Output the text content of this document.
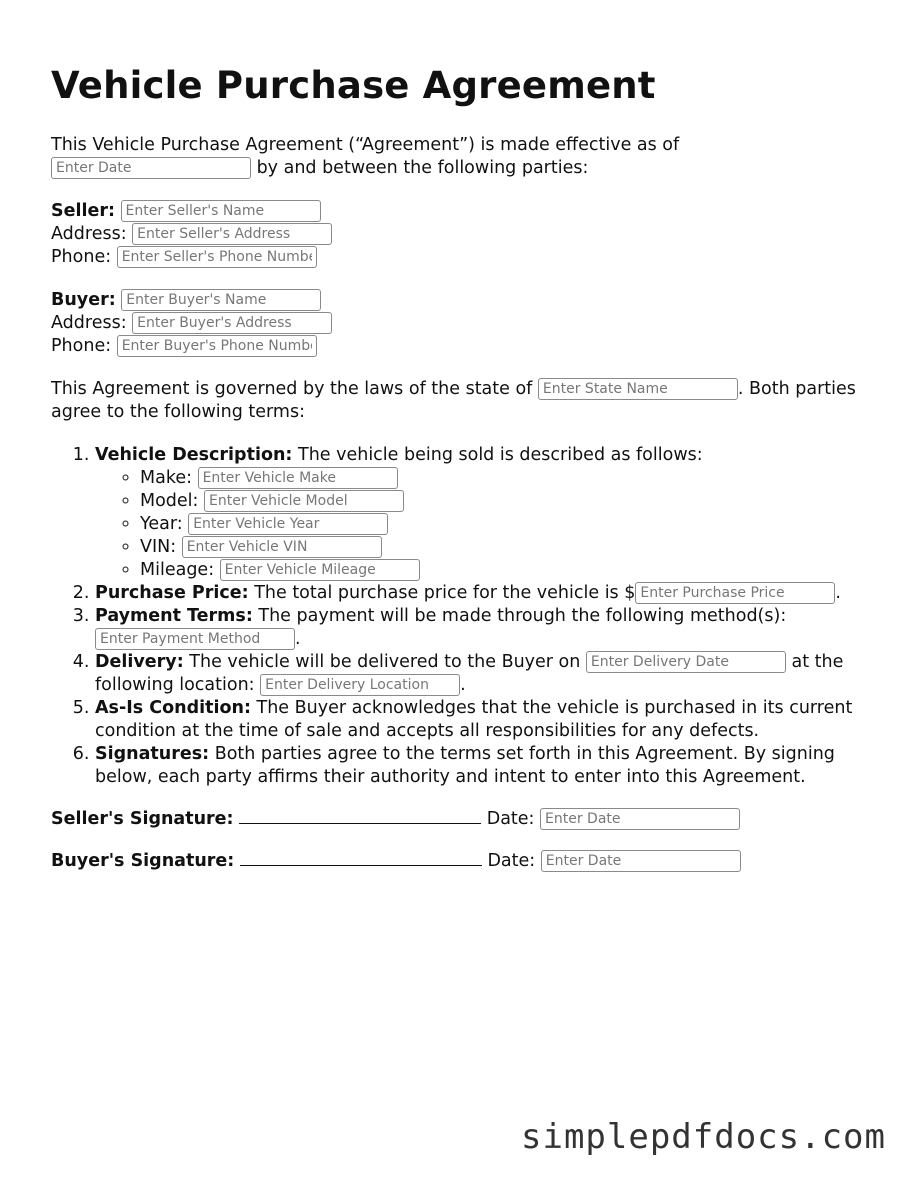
Vehicle Purchase Agreement

This Vehicle Purchase Agreement (“Agreement”) is made effective as of
Enter Date by and between the following parties:

Seller: Enter Seller's Name
Address: Enter Seller's Address
Phone: Enter Seller's Phone Number
Buyer: Enter Buyer's Name
Address: Enter Buyer's Address
Phone: Enter Buyer's Phone Number

This Agreement is governed by the laws of the state of Enter State Name	. Both parties agree to the following terms:

1. Vehicle Description: The vehicle being sold is described as follows:
◦ Make: Enter Vehicle Make
◦ Model: Enter Vehicle Model
◦ Year: Enter Vehicle Year
◦ VIN: Enter Vehicle VIN
◦ Mileage: Enter Vehicle Mileage
2. Purchase Price: The total purchase price for the vehicle is $Enter Purchase Price	.
3. Payment Terms: The payment will be made through the following method(s): Enter Payment Method.
4. Delivery: The vehicle will be delivered to the Buyer on Enter Delivery Date	at the following location: Enter Delivery Location	.
5. As-Is Condition: The Buyer acknowledges that the vehicle is purchased in its current condition at the time of sale and accepts all responsibilities for any defects.
6. Signatures: Both parties agree to the terms set forth in this Agreement. By signing below, each party affirms their authority and intent to enter into this Agreement.
Seller's Signature:	Date: Enter Date
Buyer's Signature:	Date: Enter Date
simplepdfdocs.com
